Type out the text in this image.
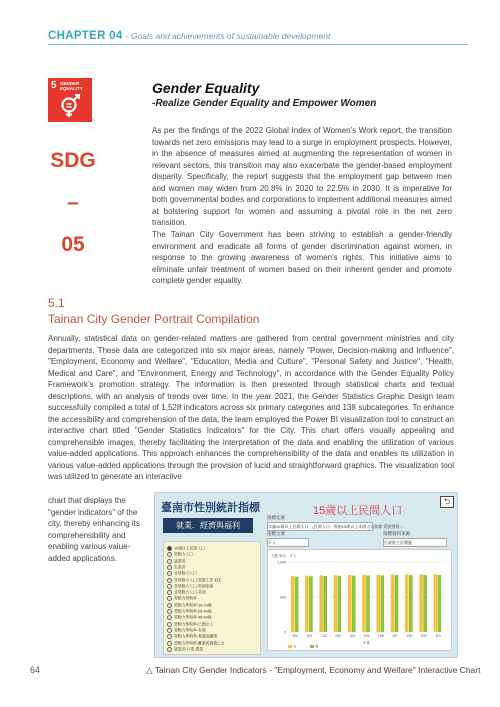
CHAPTER 04 - Goals and achievements of sustainable development
5 GENDER
EQUALITY
SDG – 05
Gender Equality
-Realize Gender Equality and Empower Women
As per the findings of the 2022 Global Index of Women’s Work report, the transition towards net zero emissions may lead to a surge in employment prospects. However, in the absence of measures aimed at augmenting the representation of women in relevant sectors, this transition may also exacerbate the gender-based employment disparity. Specifically, the report suggests that the employment gap between men and women may widen from 20.8% in 2020 to 22.5% in 2030. It is imperative for both governmental bodies and corporations to implement additional measures aimed at bolstering support for women and assuming a pivotal role in the net zero transition.
The Tainan City Government has been striving to establish a gender-friendly environment and eradicate all forms of gender discrimination against women, in response to the growing awareness of women’s rights. This initiative aims to eliminate unfair treatment of women based on their inherent gender and promote complete gender equality.
5.1
Tainan City Gender Portrait Compilation
Annually, statistical data on gender-related matters are gathered from central government ministries and city departments. These data are categorized into six major areas, namely "Power, Decision-making and Influence", "Employment, Economy and Welfare", "Education, Media and Culture", "Personal Safety and Justice", "Health, Medical and Care", and "Environment, Energy and Technology", in accordance with the Gender Equality Policy Framework’s promotion strategy. The information is then presented through statistical charts and textual descriptions, with an analysis of trends over time. In the year 2021, the Gender Statistics Graphic Design team successfully compiled a total of 1,528 indicators across six primary categories and 138 subcategories. To enhance the accessibility and comprehension of the data, the team employed the Power BI visualization tool to construct an interactive chart titled "Gender Statistics Indicators" for the City. This chart offers visually appealing and comprehensible images, thereby facilitating the interpretation of the data and enabling the utilization of various value-added applications. This approach enhances the comprehensibility of the data and enables its utilization in various value-added applications through the provision of lucid and straightforward graphics. The visualization tool was utilized to generate an interactive
chart that displays the "gender indicators" of the city, thereby enhancing its comprehensibility and enabling various value-added applications.
臺南市性別統計指標	15歲以上民間人口
⮌
就業．經濟與福利
指標定義
年滿15歲以上民間人口，(民間人口：係指15歲以上本國人口扣除 武裝勞動...
指標主要
千人
指標資料來源
行政院主計總處
15歲以上民間人口
勞動力人口
就業者
失業者
非勞動力人口
非勞動力人口-想要工作未找
非勞動力人口-料理家務
非勞動力人口-其他
勞動力參與率
勞動力參與率-15-24歲
勞動力參與率-25-44歲
勞動力參與率-45-64歲
勞動力參與率-已婚女人
勞動力參與率-有偶
勞動力參與率-喪偶或離婚
勞動力參與率-離婚或喪偶之女
就業者-行業-農業
人數 單位：千人
0
500
1,000
100 101 102 103 104 105 106 107 108 109 110
年度
女	男
△ Tainan City Gender Indicators - "Employment, Economy and Welfare" Interactive Chart
64
